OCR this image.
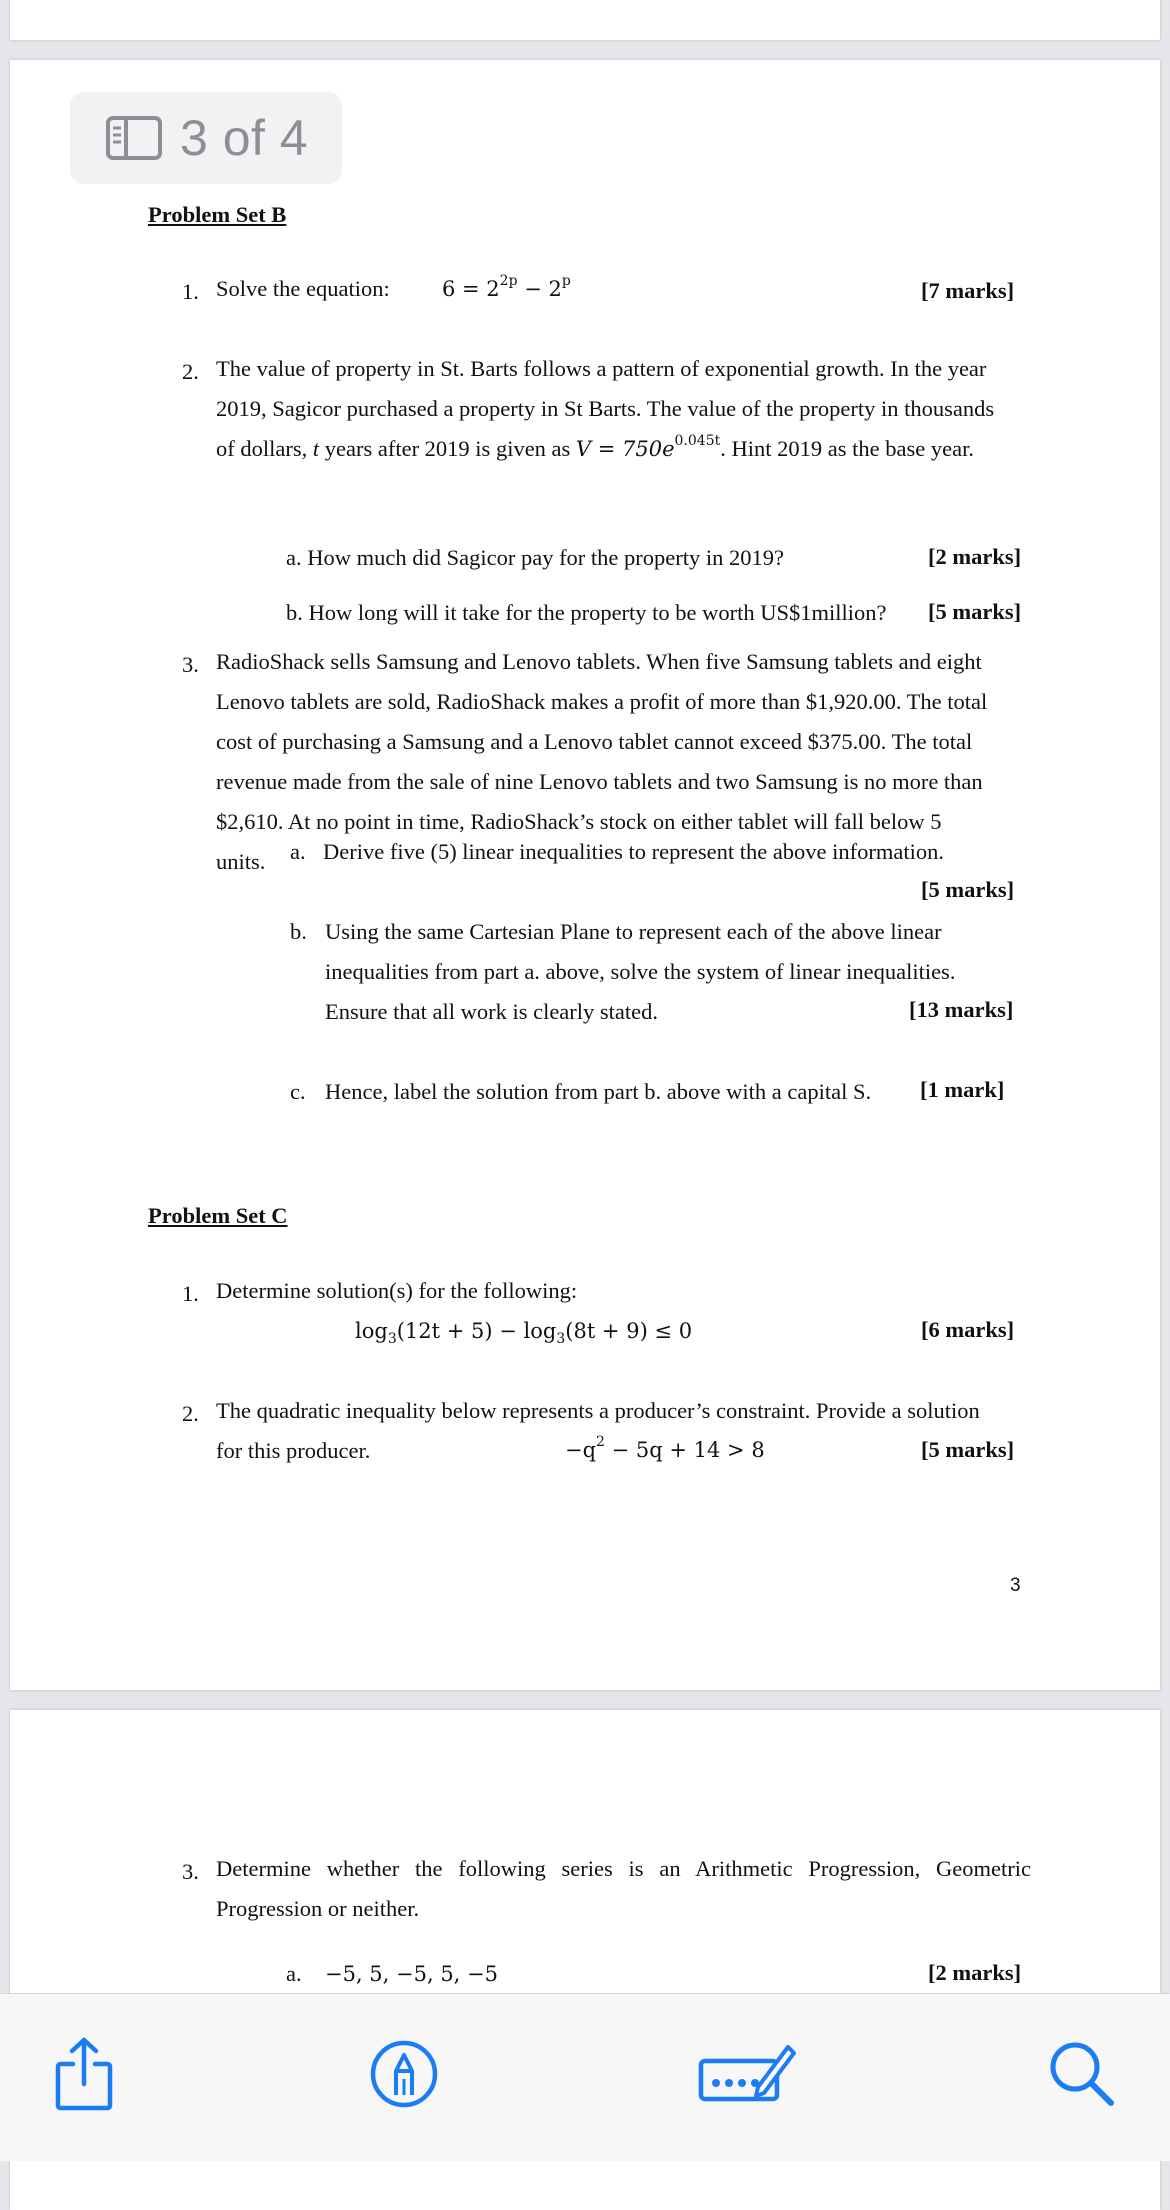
3 of 4
Problem Set B
1. Solve the equation: $6 = 2^{2p} - 2^p$	[7 marks]
2. The value of property in St. Barts follows a pattern of exponential growth. In the year
2019, Sagicor purchased a property in St Barts. The value of the property in thousands
of dollars, t years after 2019 is given as $V = 750e^{0.045t}$. Hint 2019 as the base year.
a. How much did Sagicor pay for the property in 2019?	[2 marks]
b. How long will it take for the property to be worth US$1million? [5 marks]
3. RadioShack sells Samsung and Lenovo tablets. When five Samsung tablets and eight
Lenovo tablets are sold, RadioShack makes a profit of more than $1,920.00. The total
cost of purchasing a Samsung and a Lenovo tablet cannot exceed $375.00. The total
revenue made from the sale of nine Lenovo tablets and two Samsung is no more than
$2,610. At no point in time, RadioShack’s stock on either tablet will fall below 5
units.	a. Derive five (5) linear inequalities to represent the above information.
[5 marks]
b. Using the same Cartesian Plane to represent each of the above linear
inequalities from part a. above, solve the system of linear inequalities.
Ensure that all work is clearly stated.	[13 marks]
c. Hence, label the solution from part b. above with a capital S. [1 mark]
Problem Set C
1. Determine solution(s) for the following:
$\log_3(12t + 5) - \log_3(8t + 9) \le 0$	[6 marks]
2. The quadratic inequality below represents a producer’s constraint. Provide a solution
for this producer.	$-q^2 - 5q + 14 > 8$	[5 marks]
3
3. Determine whether the following series is an Arithmetic Progression, Geometric
Progression or neither.
a. −5, 5, −5, 5, −5	[2 marks]
